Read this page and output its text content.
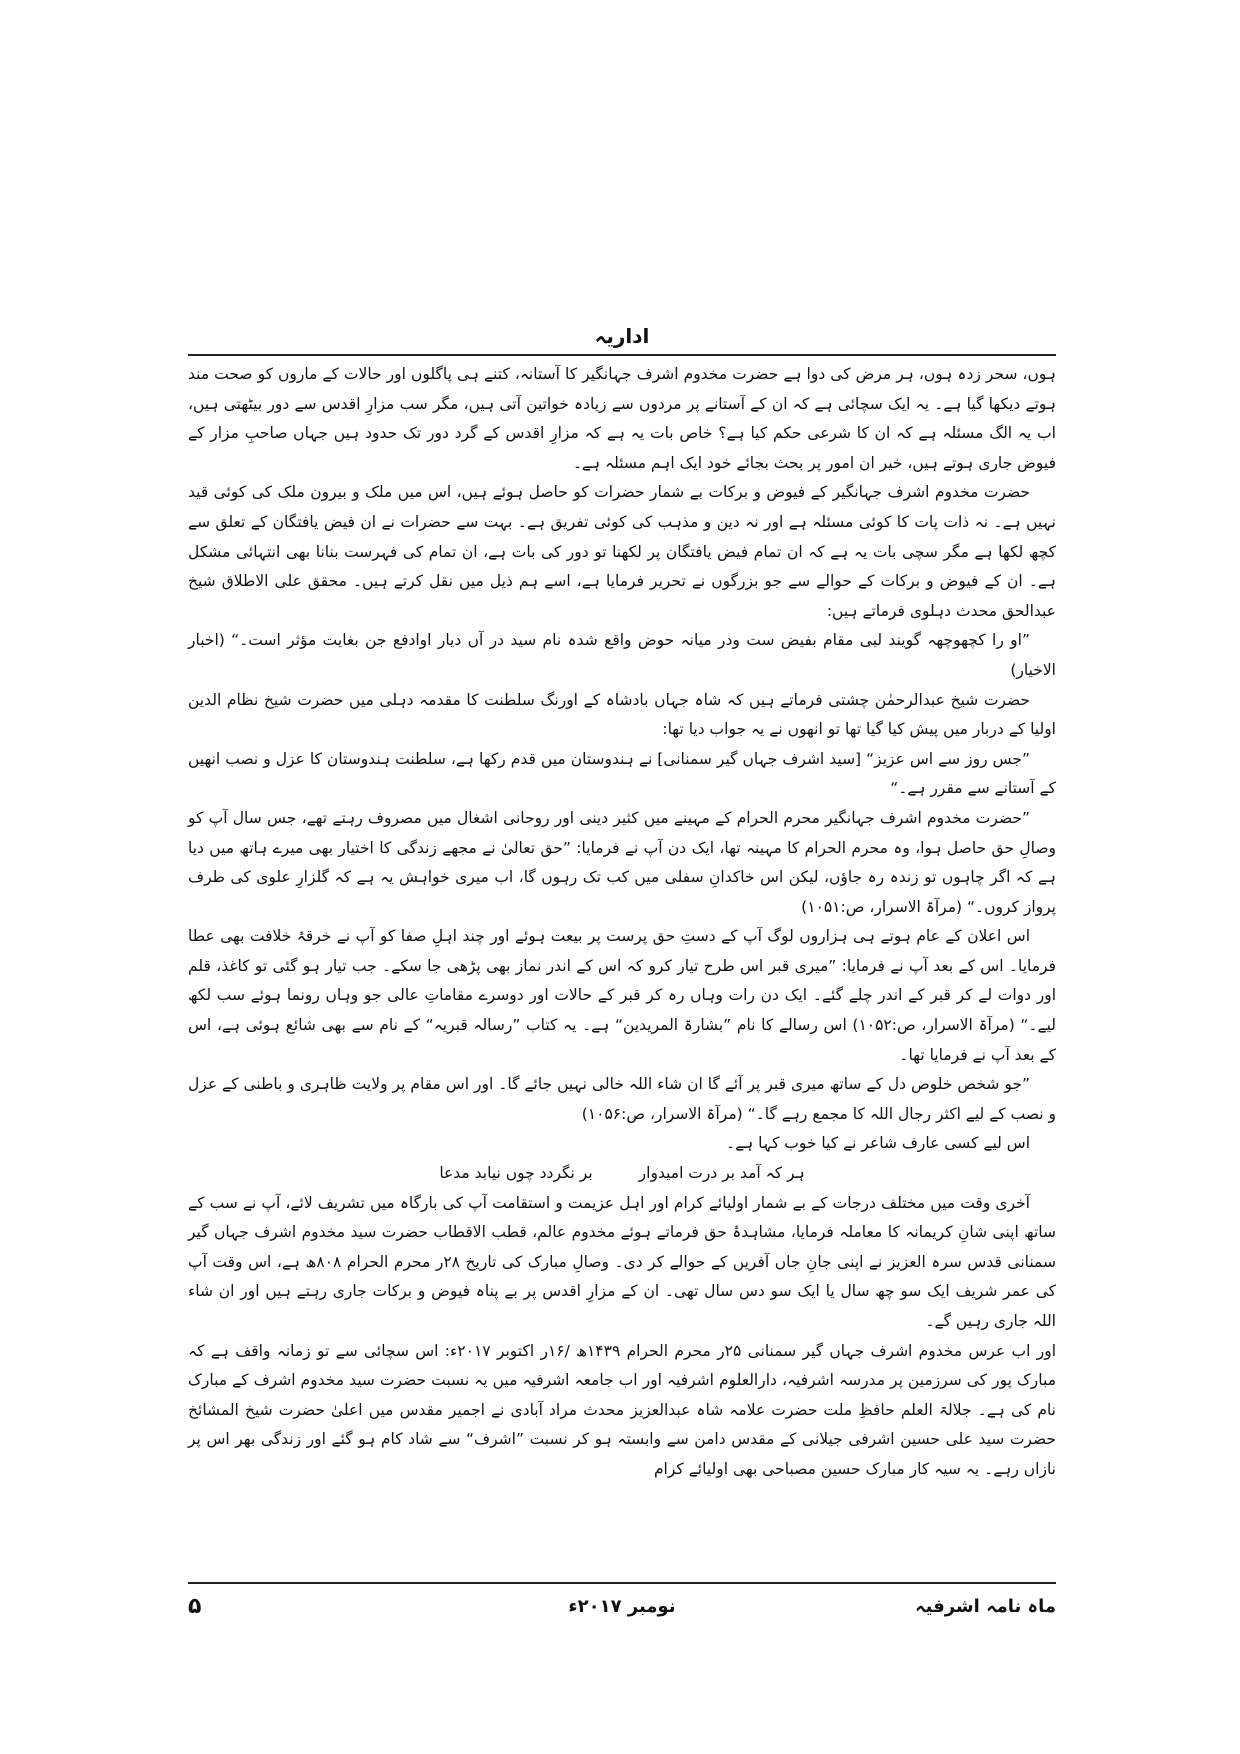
اداریہ

ہوں، سحر زدہ ہوں، ہر مرض کی دوا ہے حضرت مخدوم اشرف جہانگیر کا آستانہ، کتنے ہی پاگلوں اور حالات کے ماروں کو صحت مند ہوتے دیکھا گیا ہے۔ یہ ایک سچائی ہے کہ ان کے آستانے پر مردوں سے زیادہ خواتین آتی ہیں، مگر سب مزارِ اقدس سے دور بیٹھتی ہیں، اب یہ الگ مسئلہ ہے کہ ان کا شرعی حکم کیا ہے؟ خاص بات یہ ہے کہ مزارِ اقدس کے گرد دور تک حدود ہیں جہاں صاحبِ مزار کے فیوض جاری ہوتے ہیں، خیر ان امور پر بحث بجائے خود ایک اہم مسئلہ ہے۔

حضرت مخدوم اشرف جہانگیر کے فیوض و برکات بے شمار حضرات کو حاصل ہوئے ہیں، اس میں ملک و بیرون ملک کی کوئی قید نہیں ہے۔ نہ ذات پات کا کوئی مسئلہ ہے اور نہ دین و مذہب کی کوئی تفریق ہے۔ بہت سے حضرات نے ان فیض یافتگان کے تعلق سے کچھ لکھا ہے مگر سچی بات یہ ہے کہ ان تمام فیض یافتگان پر لکھنا تو دور کی بات ہے، ان تمام کی فہرست بنانا بھی انتہائی مشکل ہے۔ ان کے فیوض و برکات کے حوالے سے جو بزرگوں نے تحریر فرمایا ہے، اسے ہم ذیل میں نقل کرتے ہیں۔ محقق علی الاطلاق شیخ عبدالحق محدث دہلوی فرماتے ہیں:

”او را کچھوچھہ گویند لبی مقام بفیض ست ودر میانہ حوض واقع شدہ نام سید در آں دیار اوادفع جن بغایت مؤثر است۔“ (اخبار الاخیار)

حضرت شیخ عبدالرحمٰن چشتی فرماتے ہیں کہ شاہ جہاں بادشاہ کے اورنگ سلطنت کا مقدمہ دہلی میں حضرت شیخ نظام الدین اولیا کے دربار میں پیش کیا گیا تھا تو انھوں نے یہ جواب دیا تھا:

”جس روز سے اس عزیز“ [سید اشرف جہاں گیر سمنانی] نے ہندوستان میں قدم رکھا ہے، سلطنت ہندوستان کا عزل و نصب انھیں کے آستانے سے مقرر ہے۔“

”حضرت مخدوم اشرف جہانگیر محرم الحرام کے مہینے میں کثیر دینی اور روحانی اشغال میں مصروف رہتے تھے، جس سال آپ کو وصالِ حق حاصل ہوا، وہ محرم الحرام کا مہینہ تھا، ایک دن آپ نے فرمایا: ”حق تعالیٰ نے مجھے زندگی کا اختیار بھی میرے ہاتھ میں دیا ہے کہ اگر چاہوں تو زندہ رہ جاؤں، لیکن اس خاکدانِ سفلی میں کب تک رہوں گا، اب میری خواہش یہ ہے کہ گلزارِ علوی کی طرف پرواز کروں۔“ (مرآۃ الاسرار، ص:۱۰۵۱)

اس اعلان کے عام ہوتے ہی ہزاروں لوگ آپ کے دستِ حق پرست پر بیعت ہوئے اور چند اہلِ صفا کو آپ نے خرقۂ خلافت بھی عطا فرمایا۔ اس کے بعد آپ نے فرمایا: ”میری قبر اس طرح تیار کرو کہ اس کے اندر نماز بھی پڑھی جا سکے۔ جب تیار ہو گئی تو کاغذ، قلم اور دوات لے کر قبر کے اندر چلے گئے۔ ایک دن رات وہاں رہ کر قبر کے حالات اور دوسرے مقاماتِ عالی جو وہاں رونما ہوئے سب لکھ لیے۔“ (مرآۃ الاسرار، ص:۱۰۵۲) اس رسالے کا نام ”بشارۃ المریدین“ ہے۔ یہ کتاب ”رسالہ قبریہ“ کے نام سے بھی شائع ہوئی ہے، اس کے بعد آپ نے فرمایا تھا۔

”جو شخص خلوص دل کے ساتھ میری قبر پر آئے گا ان شاء اللہ خالی نہیں جائے گا۔ اور اس مقام پر ولایت ظاہری و باطنی کے عزل و نصب کے لیے اکثر رجال اللہ کا مجمع رہے گا۔“ (مرآۃ الاسرار، ص:۱۰۵۶)

اس لیے کسی عارف شاعر نے کیا خوب کہا ہے۔

ہر کہ آمد بر درت امیدوار
بر نگردد چوں نیابد مدعا

آخری وقت میں مختلف درجات کے بے شمار اولیائے کرام اور اہل عزیمت و استقامت آپ کی بارگاہ میں تشریف لائے، آپ نے سب کے ساتھ اپنی شانِ کریمانہ کا معاملہ فرمایا، مشاہدۂ حق فرماتے ہوئے مخدوم عالم، قطب الاقطاب حضرت سید مخدوم اشرف جہاں گیر سمنانی قدس سرہ العزیز نے اپنی جانِ جاں آفریں کے حوالے کر دی۔ وصالِ مبارک کی تاریخ ۲۸ر محرم الحرام ۸۰۸ھ ہے، اس وقت آپ کی عمر شریف ایک سو چھ سال یا ایک سو دس سال تھی۔ ان کے مزارِ اقدس پر بے پناہ فیوض و برکات جاری رہتے ہیں اور ان شاء اللہ جاری رہیں گے۔

اور اب عرس مخدوم اشرف جہاں گیر سمنانی ۲۵ر محرم الحرام ۱۴۳۹ھ /۱۶ر اکتوبر ۲۰۱۷ء: اس سچائی سے تو زمانہ واقف ہے کہ مبارک پور کی سرزمین پر مدرسہ اشرفیہ، دارالعلوم اشرفیہ اور اب جامعہ اشرفیہ میں یہ نسبت حضرت سید مخدوم اشرف کے مبارک نام کی ہے۔ جلالۃ العلم حافظِ ملت حضرت علامہ شاہ عبدالعزیز محدث مراد آبادی نے اجمیر مقدس میں اعلیٰ حضرت شیخ المشائخ حضرت سید علی حسین اشرفی جیلانی کے مقدس دامن سے وابستہ ہو کر نسبت ”اشرف“ سے شاد کام ہو گئے اور زندگی بھر اس پر نازاں رہے۔ یہ سیہ کار مبارک حسین مصباحی بھی اولیائے کرام

۵	نومبر ۲۰۱۷ء	ماہ نامہ اشرفیہ
